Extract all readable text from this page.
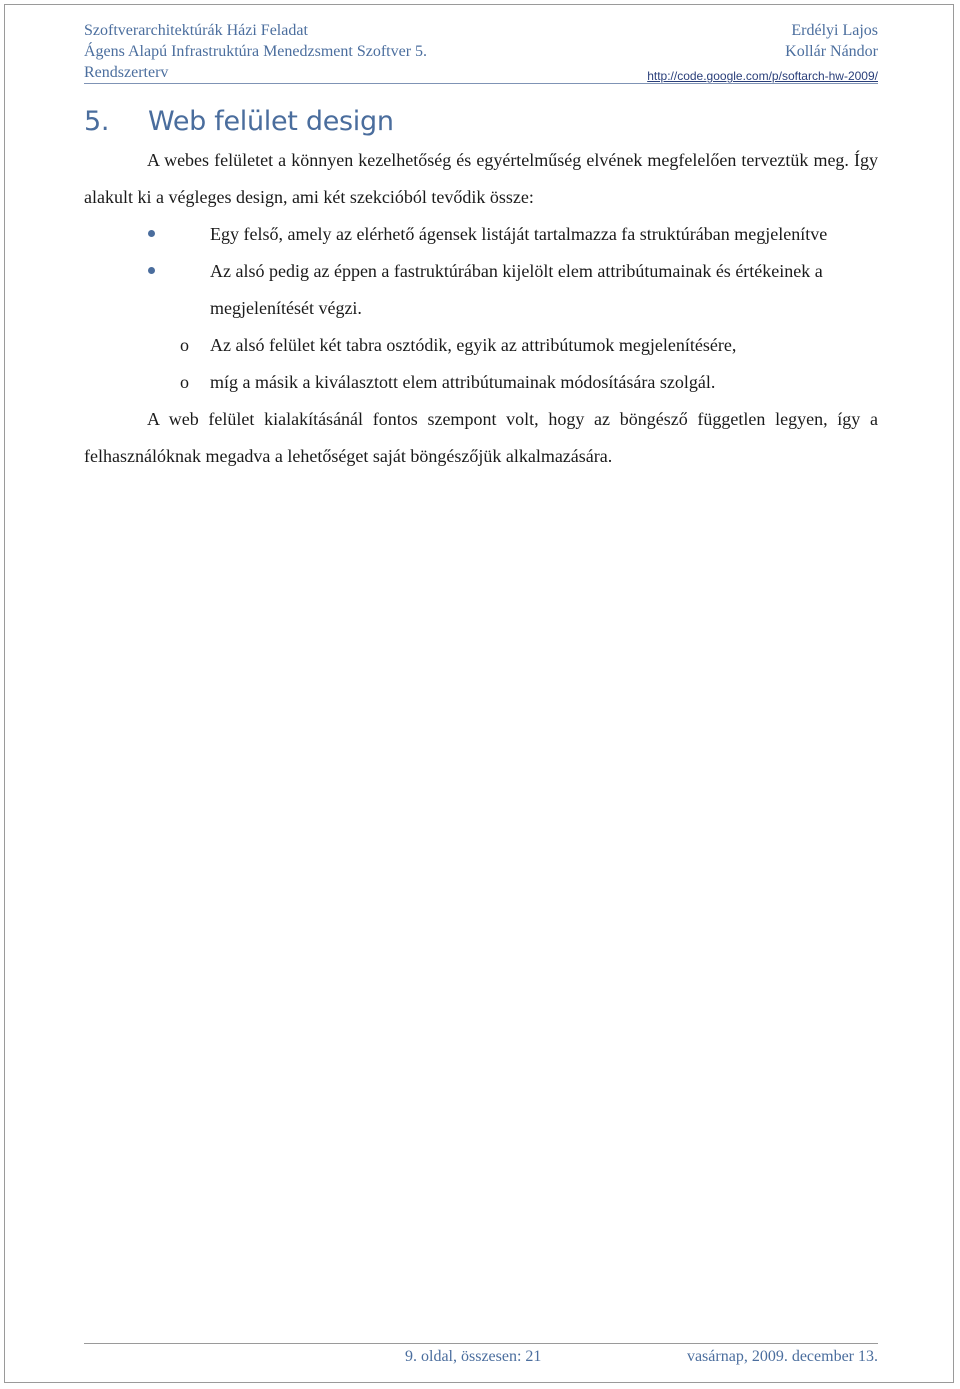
Szoftverarchitektúrák Házi Feladat
Ágens Alapú Infrastruktúra Menedzsment Szoftver 5.
Rendszerterv
Erdélyi Lajos
Kollár Nándor
http://code.google.com/p/softarch-hw-2009/
5. Web felület design

A webes felületet a könnyen kezelhetőség és egyértelműség elvének megfelelően terveztük meg. Így alakult ki a végleges design, ami két szekcióból tevődik össze:

Egy felső, amely az elérhető ágensek listáját tartalmazza fa struktúrában megjelenítve
Az alsó pedig az éppen a fastruktúrában kijelölt elem attribútumainak és értékeinek a megjelenítését végzi.
o Az alsó felület két tabra osztódik, egyik az attribútumok megjelenítésére,
o míg a másik a kiválasztott elem attribútumainak módosítására szolgál.

A web felület kialakításánál fontos szempont volt, hogy az böngésző független legyen, így a felhasználóknak megadva a lehetőséget saját böngészőjük alkalmazására.

9. oldal, összesen: 21	vasárnap, 2009. december 13.
